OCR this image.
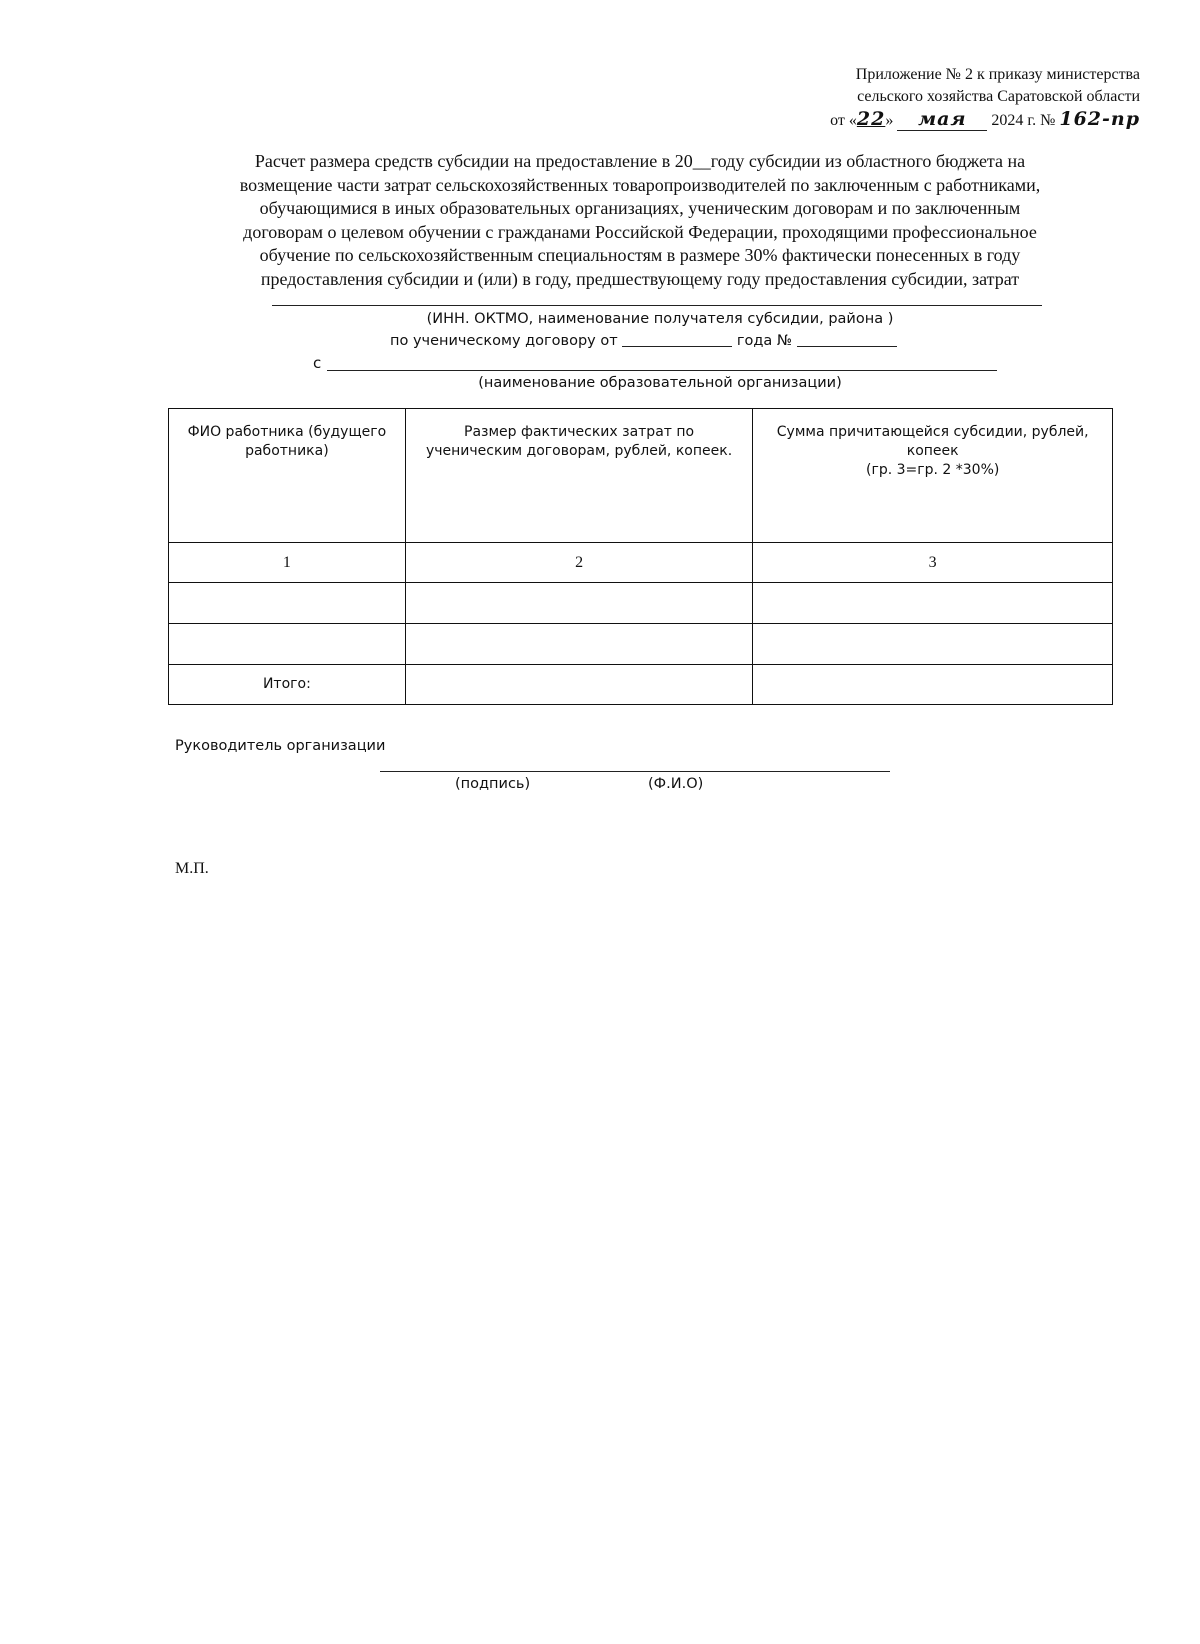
Приложение № 2 к приказу министерства
сельского хозяйства Саратовской области
от «22» мая 2024 г. № 162-пр
Расчет размера средств субсидии на предоставление в 20__году субсидии из областного бюджета на
возмещение части затрат сельскохозяйственных товаропроизводителей по заключенным с работниками,
обучающимися в иных образовательных организациях, ученическим договорам и по заключенным
договорам о целевом обучении с гражданами Российской Федерации, проходящими профессиональное
обучение по сельскохозяйственным специальностям в размере 30% фактически понесенных в году
предоставления субсидии и (или) в году, предшествующему году предоставления субсидии, затрат
(ИНН. ОКТМО, наименование получателя субсидии, района )
по ученическому договору от	года №
с
(наименование образовательной организации)
ФИО работника (будущего работника)	Размер фактических затрат по ученическим договорам, рублей, копеек.	Сумма причитающейся субсидии, рублей, копеек
(гр. 3=гр. 2 *30%)

1	2	3

Итого:		
Руководитель организации
(подпись)	(Ф.И.О)
М.П.
